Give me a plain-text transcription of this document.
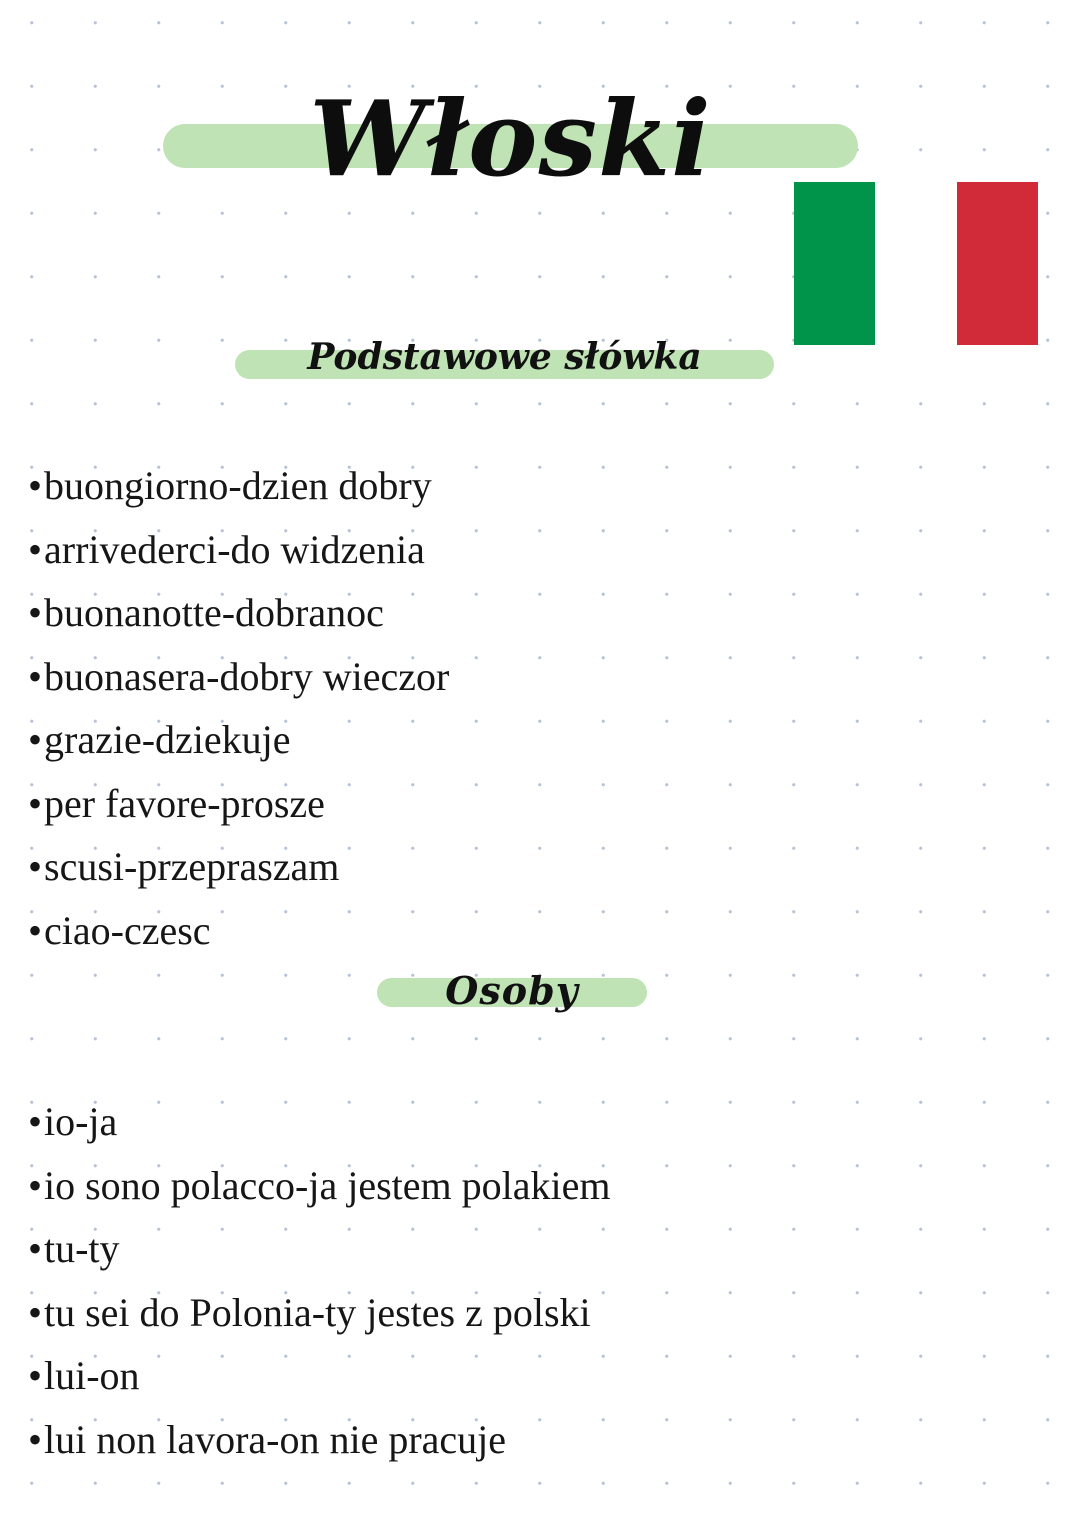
Włoski
Podstawowe słówka
•buongiorno-dzien dobry
•arrivederci-do widzenia
•buonanotte-dobranoc
•buonasera-dobry wieczor
•grazie-dziekuje
•per favore-prosze
•scusi-przepraszam
•ciao-czesc
Osoby
•io-ja
•io sono polacco-ja jestem polakiem
•tu-ty
•tu sei do Polonia-ty jestes z polski
•lui-on
•lui non lavora-on nie pracuje
